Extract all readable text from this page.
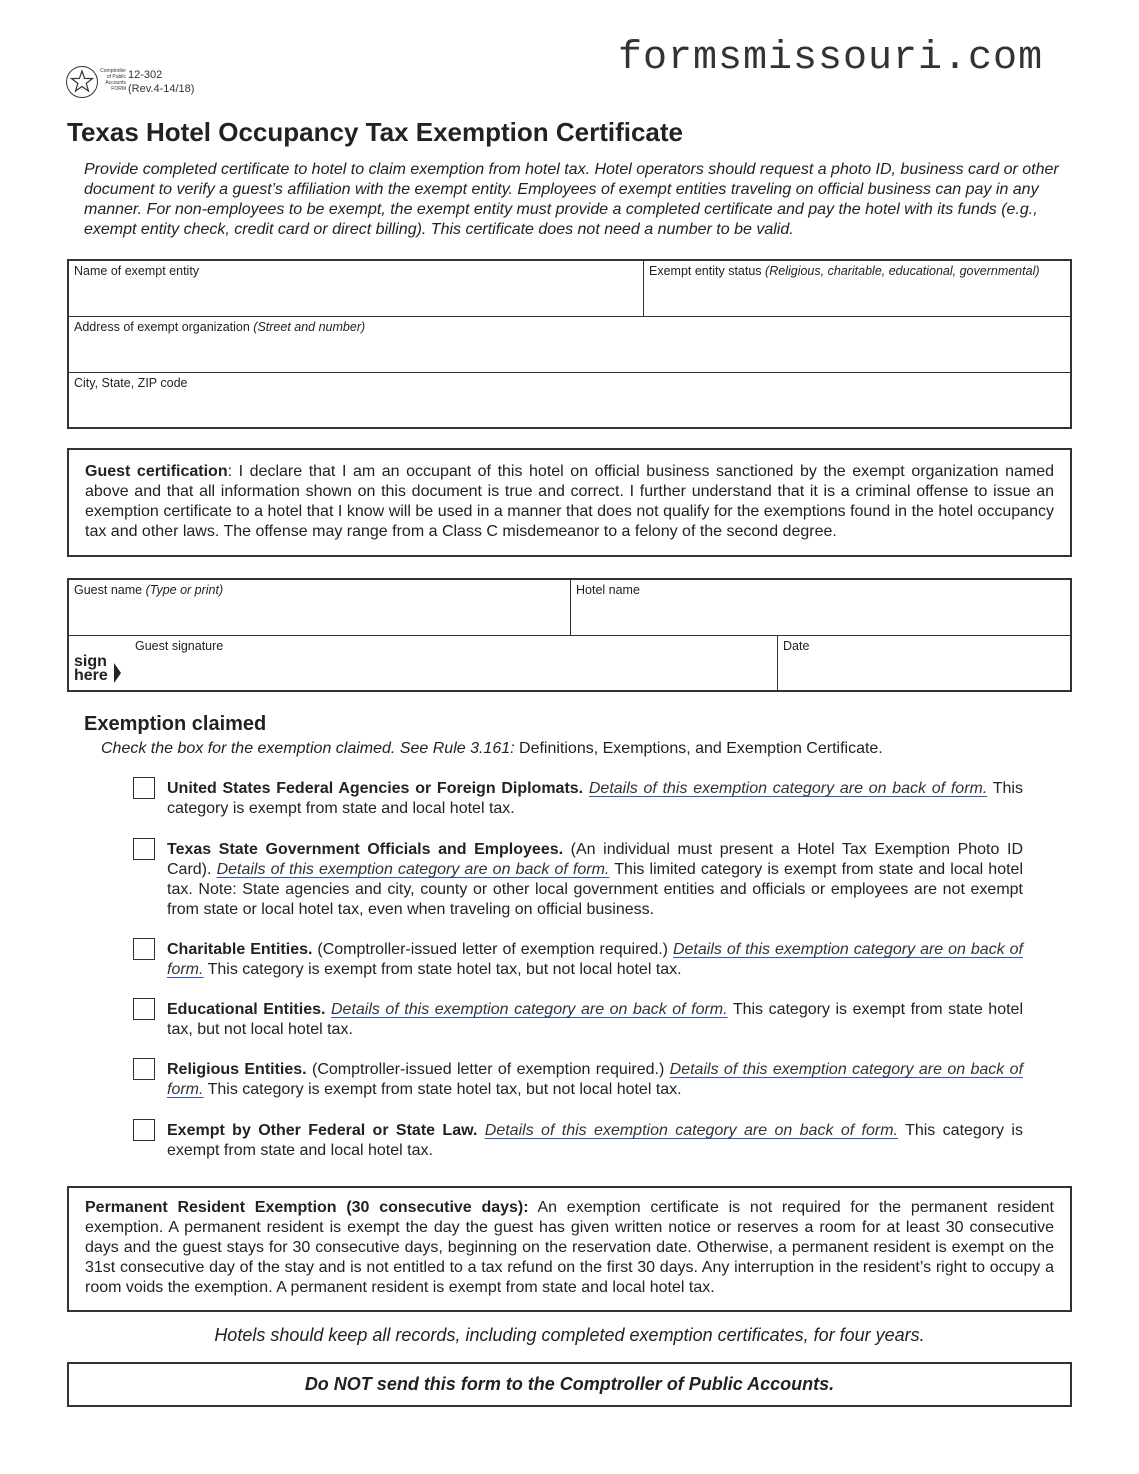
formsmissouri.com
Comptroller of Public Accounts FORM
12-302
(Rev.4-14/18)
Texas Hotel Occupancy Tax Exemption Certificate
Provide completed certificate to hotel to claim exemption from hotel tax. Hotel operators should request a photo ID, business card or other document to verify a guest’s affiliation with the exempt entity. Employees of exempt entities traveling on official business can pay in any manner. For non-employees to be exempt, the exempt entity must provide a completed certificate and pay the hotel with its funds (e.g., exempt entity check, credit card or direct billing). This certificate does not need a number to be valid.
Name of exempt entity	Exempt entity status (Religious, charitable, educational, governmental)
Address of exempt organization (Street and number)
City, State, ZIP code
Guest certification: I declare that I am an occupant of this hotel on official business sanctioned by the exempt organization named above and that all information shown on this document is true and correct. I further understand that it is a criminal offense to issue an exemption certificate to a hotel that I know will be used in a manner that does not qualify for the exemptions found in the hotel occupancy tax and other laws. The offense may range from a Class C misdemeanor to a felony of the second degree.
Guest name (Type or print)	Hotel name
Guest signature	Date
sign
here
Exemption claimed
Check the box for the exemption claimed. See Rule 3.161: Definitions, Exemptions, and Exemption Certificate.
United States Federal Agencies or Foreign Diplomats. Details of this exemption category are on back of form. This category is exempt from state and local hotel tax.
Texas State Government Officials and Employees. (An individual must present a Hotel Tax Exemption Photo ID Card). Details of this exemption category are on back of form. This limited category is exempt from state and local hotel tax. Note: State agencies and city, county or other local government entities and officials or employees are not exempt from state or local hotel tax, even when traveling on official business.
Charitable Entities. (Comptroller-issued letter of exemption required.) Details of this exemption category are on back of form. This category is exempt from state hotel tax, but not local hotel tax.
Educational Entities. Details of this exemption category are on back of form. This category is exempt from state hotel tax, but not local hotel tax.
Religious Entities. (Comptroller-issued letter of exemption required.) Details of this exemption category are on back of form. This category is exempt from state hotel tax, but not local hotel tax.
Exempt by Other Federal or State Law. Details of this exemption category are on back of form. This category is exempt from state and local hotel tax.
Permanent Resident Exemption (30 consecutive days): An exemption certificate is not required for the permanent resident exemption. A permanent resident is exempt the day the guest has given written notice or reserves a room for at least 30 consecutive days and the guest stays for 30 consecutive days, beginning on the reservation date. Otherwise, a permanent resident is exempt on the 31st consecutive day of the stay and is not entitled to a tax refund on the first 30 days. Any interruption in the resident’s right to occupy a room voids the exemption. A permanent resident is exempt from state and local hotel tax.
Hotels should keep all records, including completed exemption certificates, for four years.
Do NOT send this form to the Comptroller of Public Accounts.
